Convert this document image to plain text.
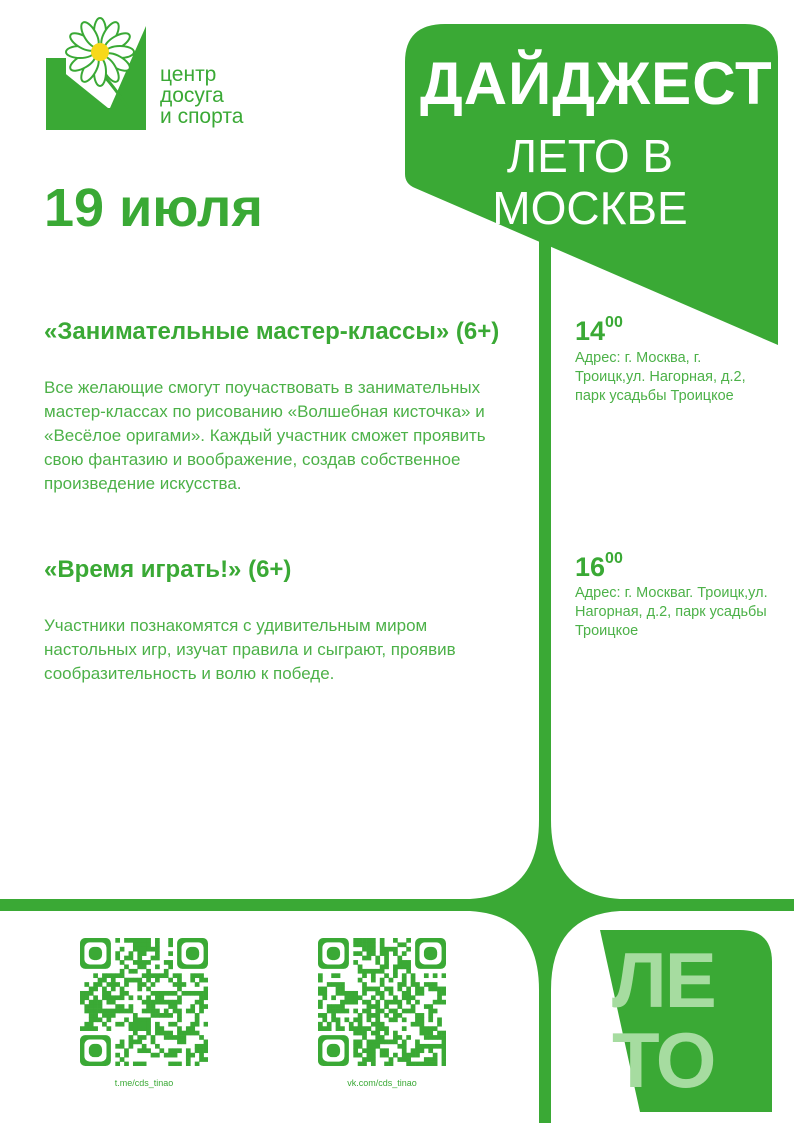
t.me/cds_tinao	vk.com/cds_tinao
ЛЕ
ТО
центр
досуга
и спорта	ДАЙДЖЕСТ
ЛЕТО В МОСКВЕ
19 июля
«Занимательные мастер-классы» (6+)
Все желающие смогут поучаствовать в занимательных мастер-классах по рисованию «Волшебная кисточка» и «Весёлое оригами». Каждый участник сможет проявить свою фантазию и воображение, создав собственное произведение искусства.
$14^{00}$
Адрес: г. Москва, г. Троицк,ул. Нагорная, д.2, парк усадьбы Троицкое
«Время играть!» (6+)
Участники познакомятся с удивительным миром настольных игр, изучат правила и сыграют, проявив сообразительность и волю к победе.
$16^{00}$
Адрес: г. Москваг. Троицк,ул. Нагорная, д.2, парк усадьбы Троицкое
